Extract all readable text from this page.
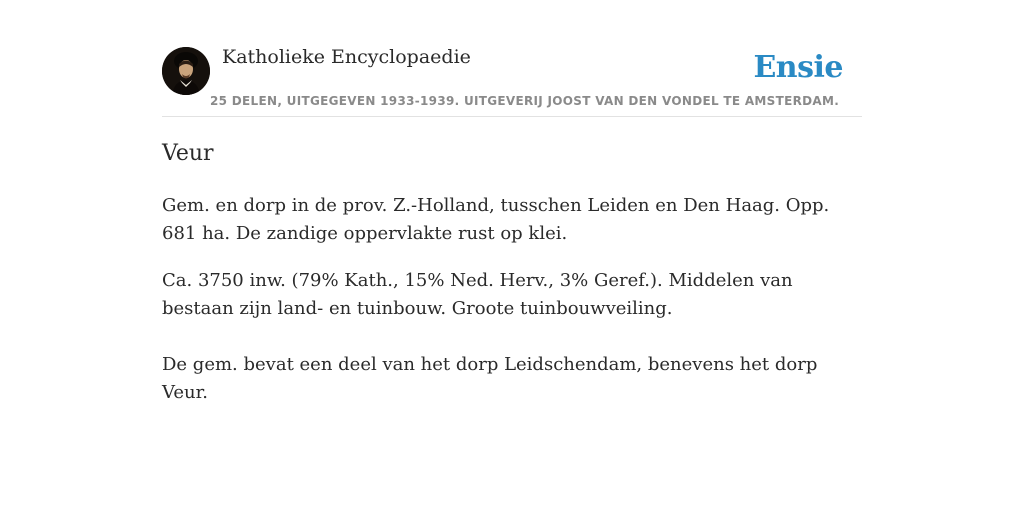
Katholieke Encyclopaedie
25 DELEN, UITGEGEVEN 1933-1939. UITGEVERIJ JOOST VAN DEN VONDEL TE AMSTERDAM.
Ensie
Veur

Gem. en dorp in de prov. Z.-Holland, tusschen Leiden en Den Haag. Opp. 681 ha. De zandige oppervlakte rust op klei.

Ca. 3750 inw. (79% Kath., 15% Ned. Herv., 3% Geref.). Middelen van bestaan zijn land- en tuinbouw. Groote tuinbouwveiling.

De gem. bevat een deel van het dorp Leidschendam, benevens het dorp Veur.
